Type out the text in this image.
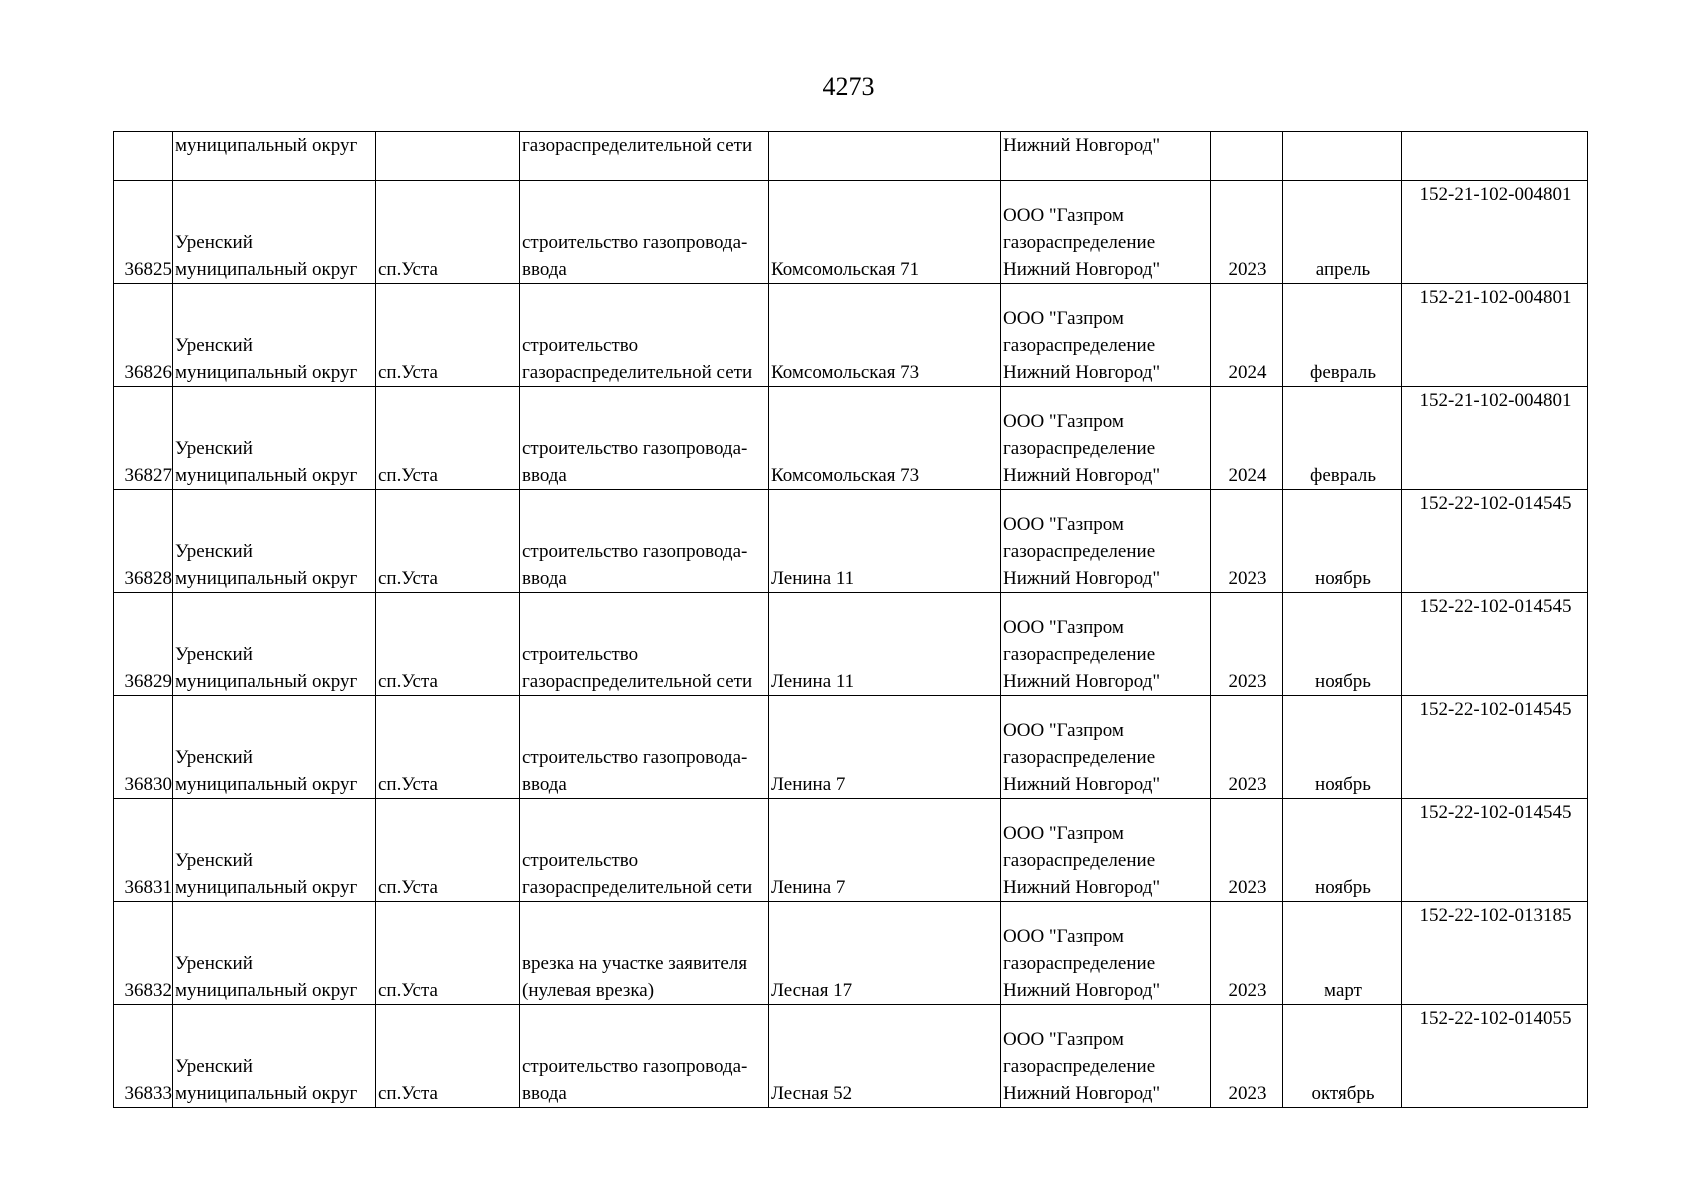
4273
	муниципальный округ		газораспределительной сети		Нижний Новгород"			
36825	Уренский муниципальный округ	сп.Уста	строительство газопровода-ввода	Комсомольская 71	ООО "Газпром газораспределение Нижний Новгород"	2023	апрель	152-21-102-004801
36826	Уренский муниципальный округ	сп.Уста	строительство газораспределительной сети	Комсомольская 73	ООО "Газпром газораспределение Нижний Новгород"	2024	февраль	152-21-102-004801
36827	Уренский муниципальный округ	сп.Уста	строительство газопровода-ввода	Комсомольская 73	ООО "Газпром газораспределение Нижний Новгород"	2024	февраль	152-21-102-004801
36828	Уренский муниципальный округ	сп.Уста	строительство газопровода-ввода	Ленина 11	ООО "Газпром газораспределение Нижний Новгород"	2023	ноябрь	152-22-102-014545
36829	Уренский муниципальный округ	сп.Уста	строительство газораспределительной сети	Ленина 11	ООО "Газпром газораспределение Нижний Новгород"	2023	ноябрь	152-22-102-014545
36830	Уренский муниципальный округ	сп.Уста	строительство газопровода-ввода	Ленина 7	ООО "Газпром газораспределение Нижний Новгород"	2023	ноябрь	152-22-102-014545
36831	Уренский муниципальный округ	сп.Уста	строительство газораспределительной сети	Ленина 7	ООО "Газпром газораспределение Нижний Новгород"	2023	ноябрь	152-22-102-014545
36832	Уренский муниципальный округ	сп.Уста	врезка на участке заявителя (нулевая врезка)	Лесная 17	ООО "Газпром газораспределение Нижний Новгород"	2023	март	152-22-102-013185
36833	Уренский муниципальный округ	сп.Уста	строительство газопровода-ввода	Лесная 52	ООО "Газпром газораспределение Нижний Новгород"	2023	октябрь	152-22-102-014055
